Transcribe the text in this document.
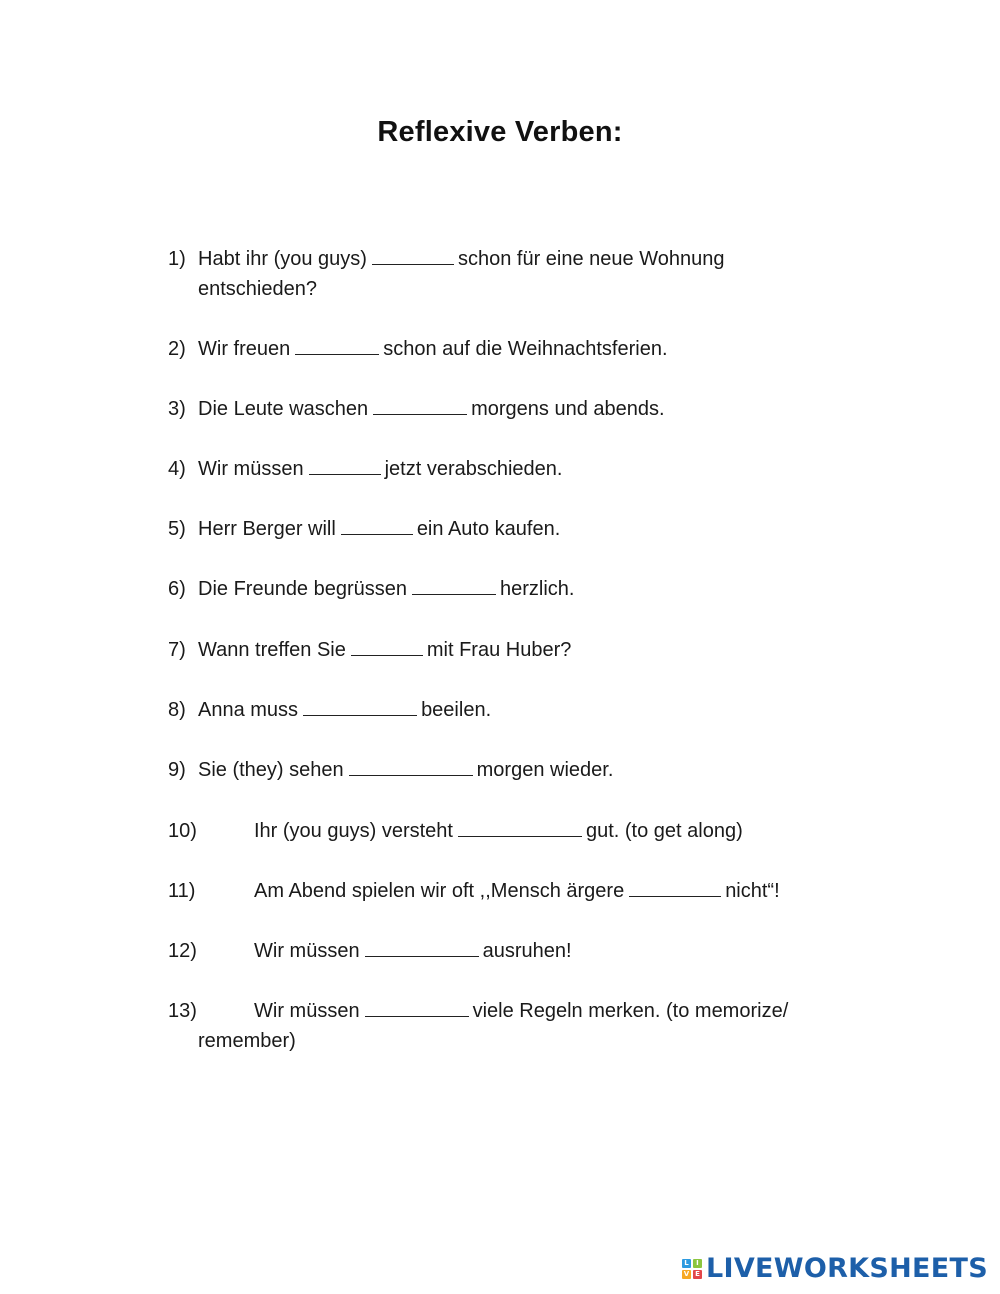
Reflexive Verben:
1) Habt ihr (you guys)	schon für eine neue Wohnung entschieden?
2) Wir freuen	schon auf die Weihnachtsferien.
3) Die Leute waschen	morgens und abends.
4) Wir müssen	jetzt verabschieden.
5) Herr Berger will	ein Auto kaufen.
6) Die Freunde begrüssen	herzlich.
7) Wann treffen Sie	mit Frau Huber?
8) Anna muss	beeilen.
9) Sie (they) sehen	morgen wieder.
10)	Ihr (you guys) versteht	gut. (to get along)
11)	Am Abend spielen wir oft ,,Mensch ärgere	nicht“!
12)	Wir müssen	ausruhen!
13)	Wir müssen	viele Regeln merken. (to memorize/ remember)
L	I
V E LIVEWORKSHEETS
